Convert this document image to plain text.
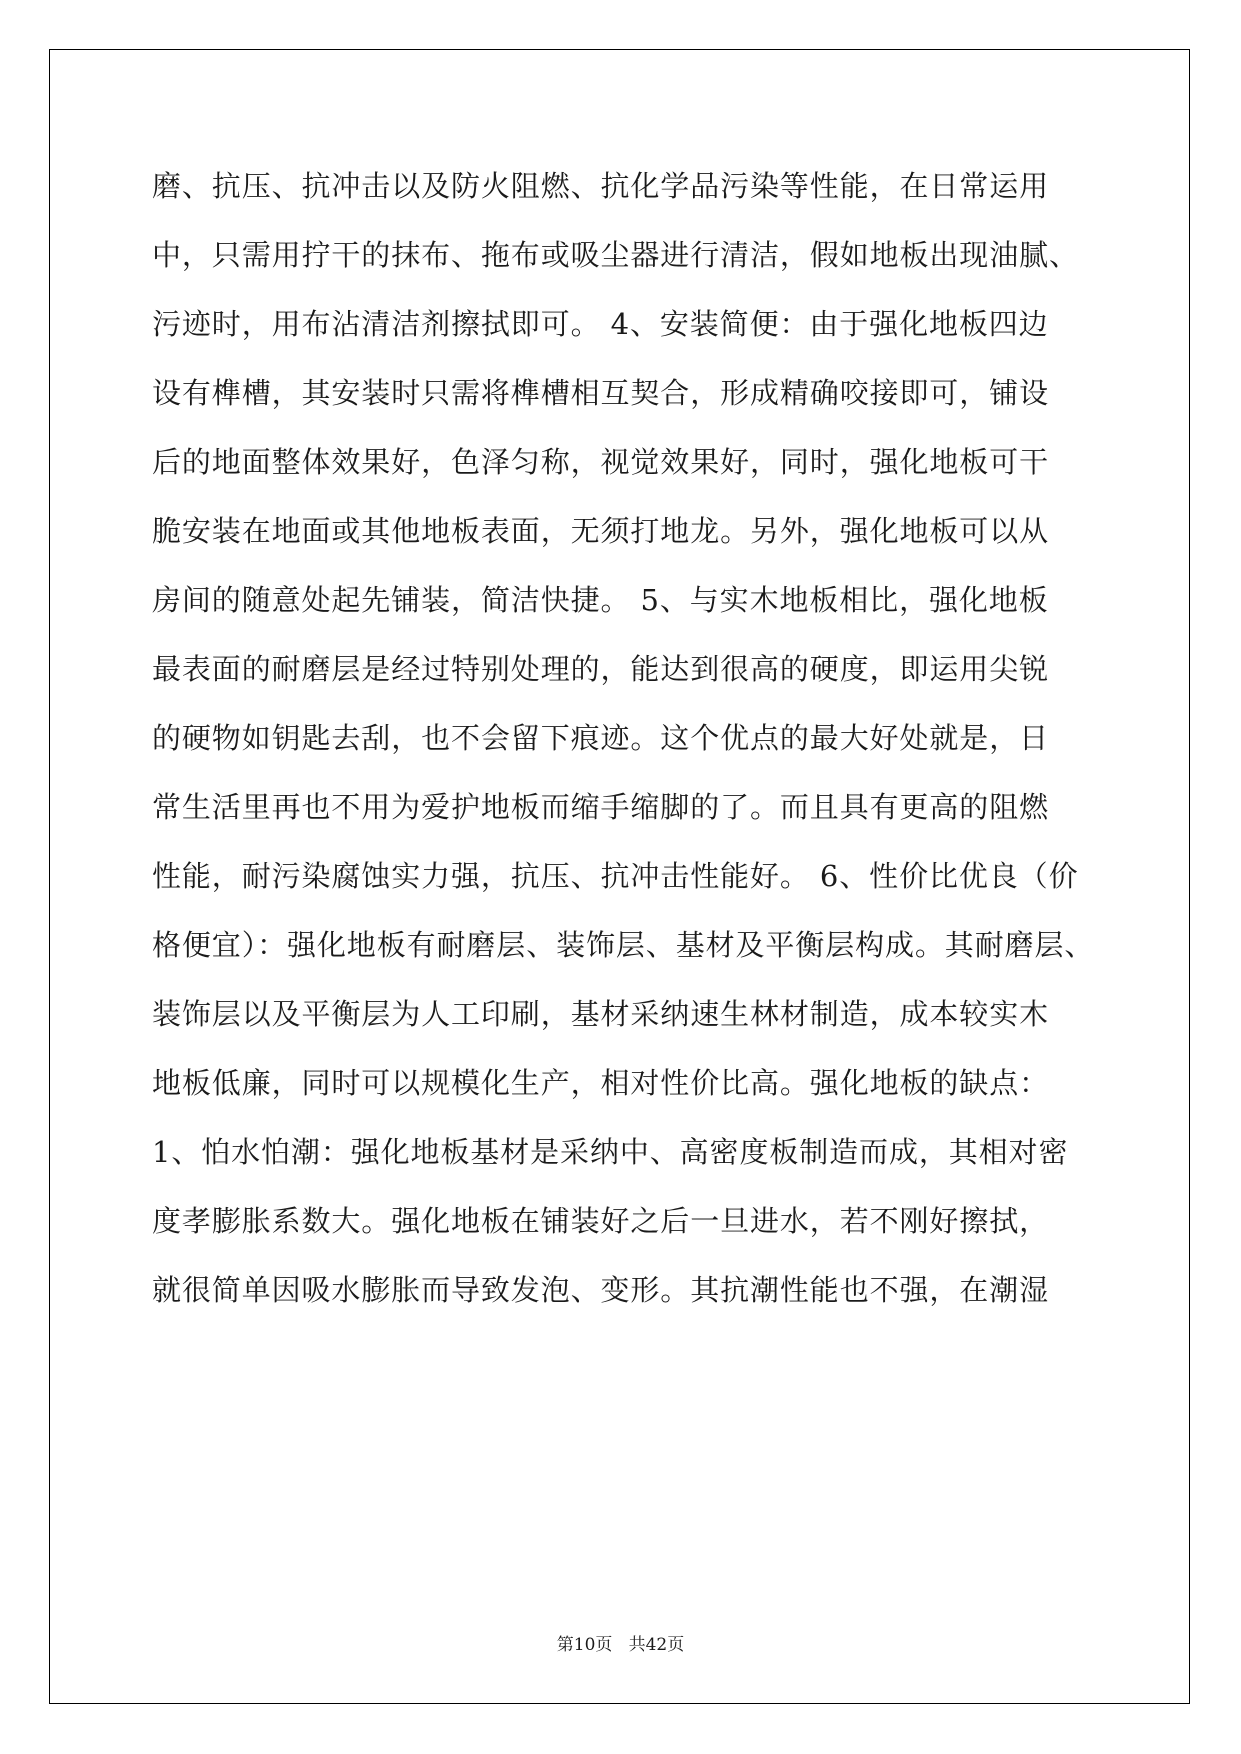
磨、抗压、抗冲击以及防火阻燃、抗化学品污染等性能，在日常运用
中，只需用拧干的抹布、拖布或吸尘器进行清洁，假如地板出现油腻、
污迹时，用布沾清洁剂擦拭即可。 4、安装简便：由于强化地板四边
设有榫槽，其安装时只需将榫槽相互契合，形成精确咬接即可，铺设
后的地面整体效果好，色泽匀称，视觉效果好，同时，强化地板可干
脆安装在地面或其他地板表面，无须打地龙。另外，强化地板可以从
房间的随意处起先铺装，简洁快捷。 5、与实木地板相比，强化地板
最表面的耐磨层是经过特别处理的，能达到很高的硬度，即运用尖锐
的硬物如钥匙去刮，也不会留下痕迹。这个优点的最大好处就是，日
常生活里再也不用为爱护地板而缩手缩脚的了。而且具有更高的阻燃
性能，耐污染腐蚀实力强，抗压、抗冲击性能好。 6、性价比优良（价
格便宜）：强化地板有耐磨层、装饰层、基材及平衡层构成。其耐磨层、
装饰层以及平衡层为人工印刷，基材采纳速生林材制造，成本较实木
地板低廉，同时可以规模化生产，相对性价比高。强化地板的缺点：
1、怕水怕潮：强化地板基材是采纳中、高密度板制造而成，其相对密
度孝膨胀系数大。强化地板在铺装好之后一旦进水，若不刚好擦拭，
就很简单因吸水膨胀而导致发泡、变形。其抗潮性能也不强，在潮湿
第10页 共42页
